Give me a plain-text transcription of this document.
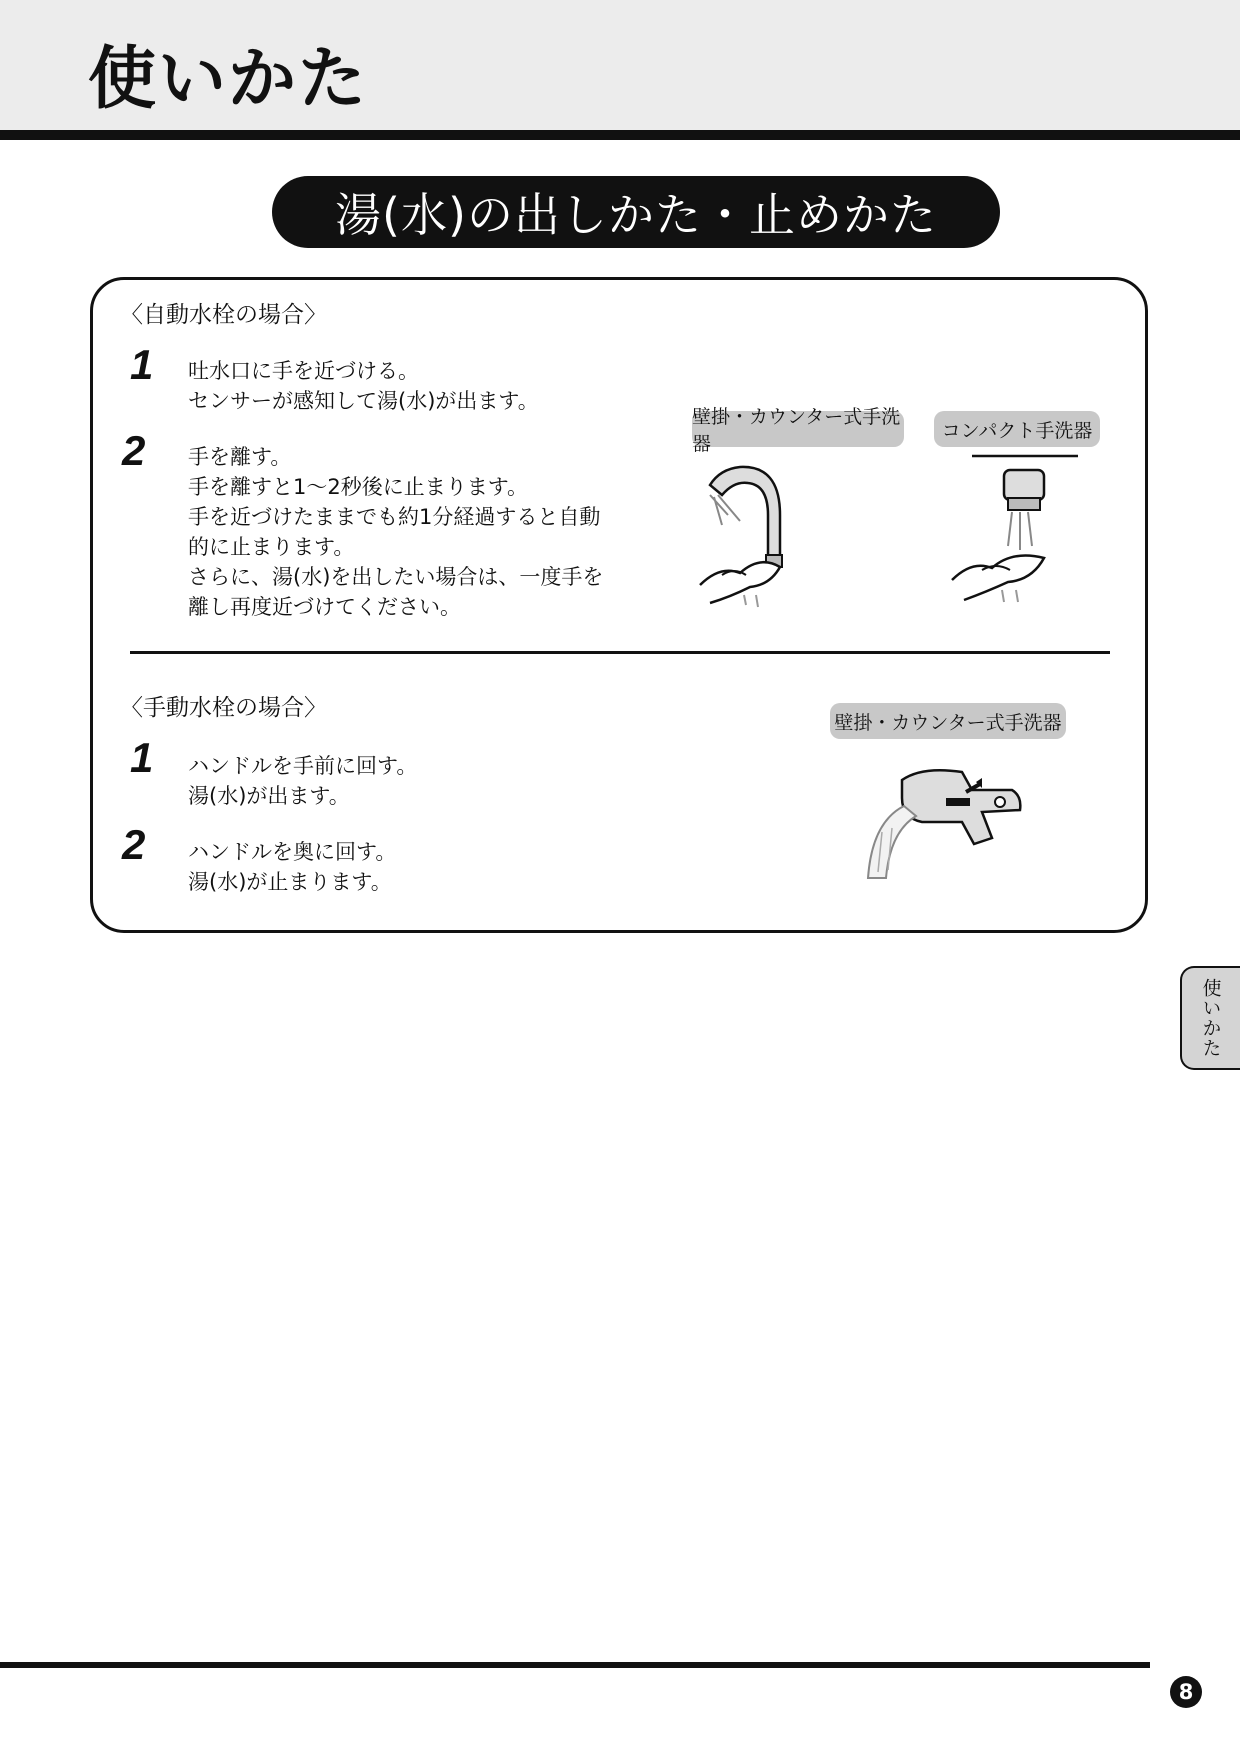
使いかた
湯(水)の出しかた・止めかた
〈自動水栓の場合〉
1 吐水口に手を近づける。
センサーが感知して湯(水)が出ます。
2 手を離す。
手を離すと1〜2秒後に止まります。
手を近づけたままでも約1分経過すると自動
的に止まります。
さらに、湯(水)を出したい場合は、一度手を
離し再度近づけてください。
壁掛・カウンター式手洗器
コンパクト手洗器
〈手動水栓の場合〉
1 ハンドルを手前に回す。
湯(水)が出ます。
2 ハンドルを奥に回す。
湯(水)が止まります。
壁掛・カウンター式手洗器
使いかた
8
